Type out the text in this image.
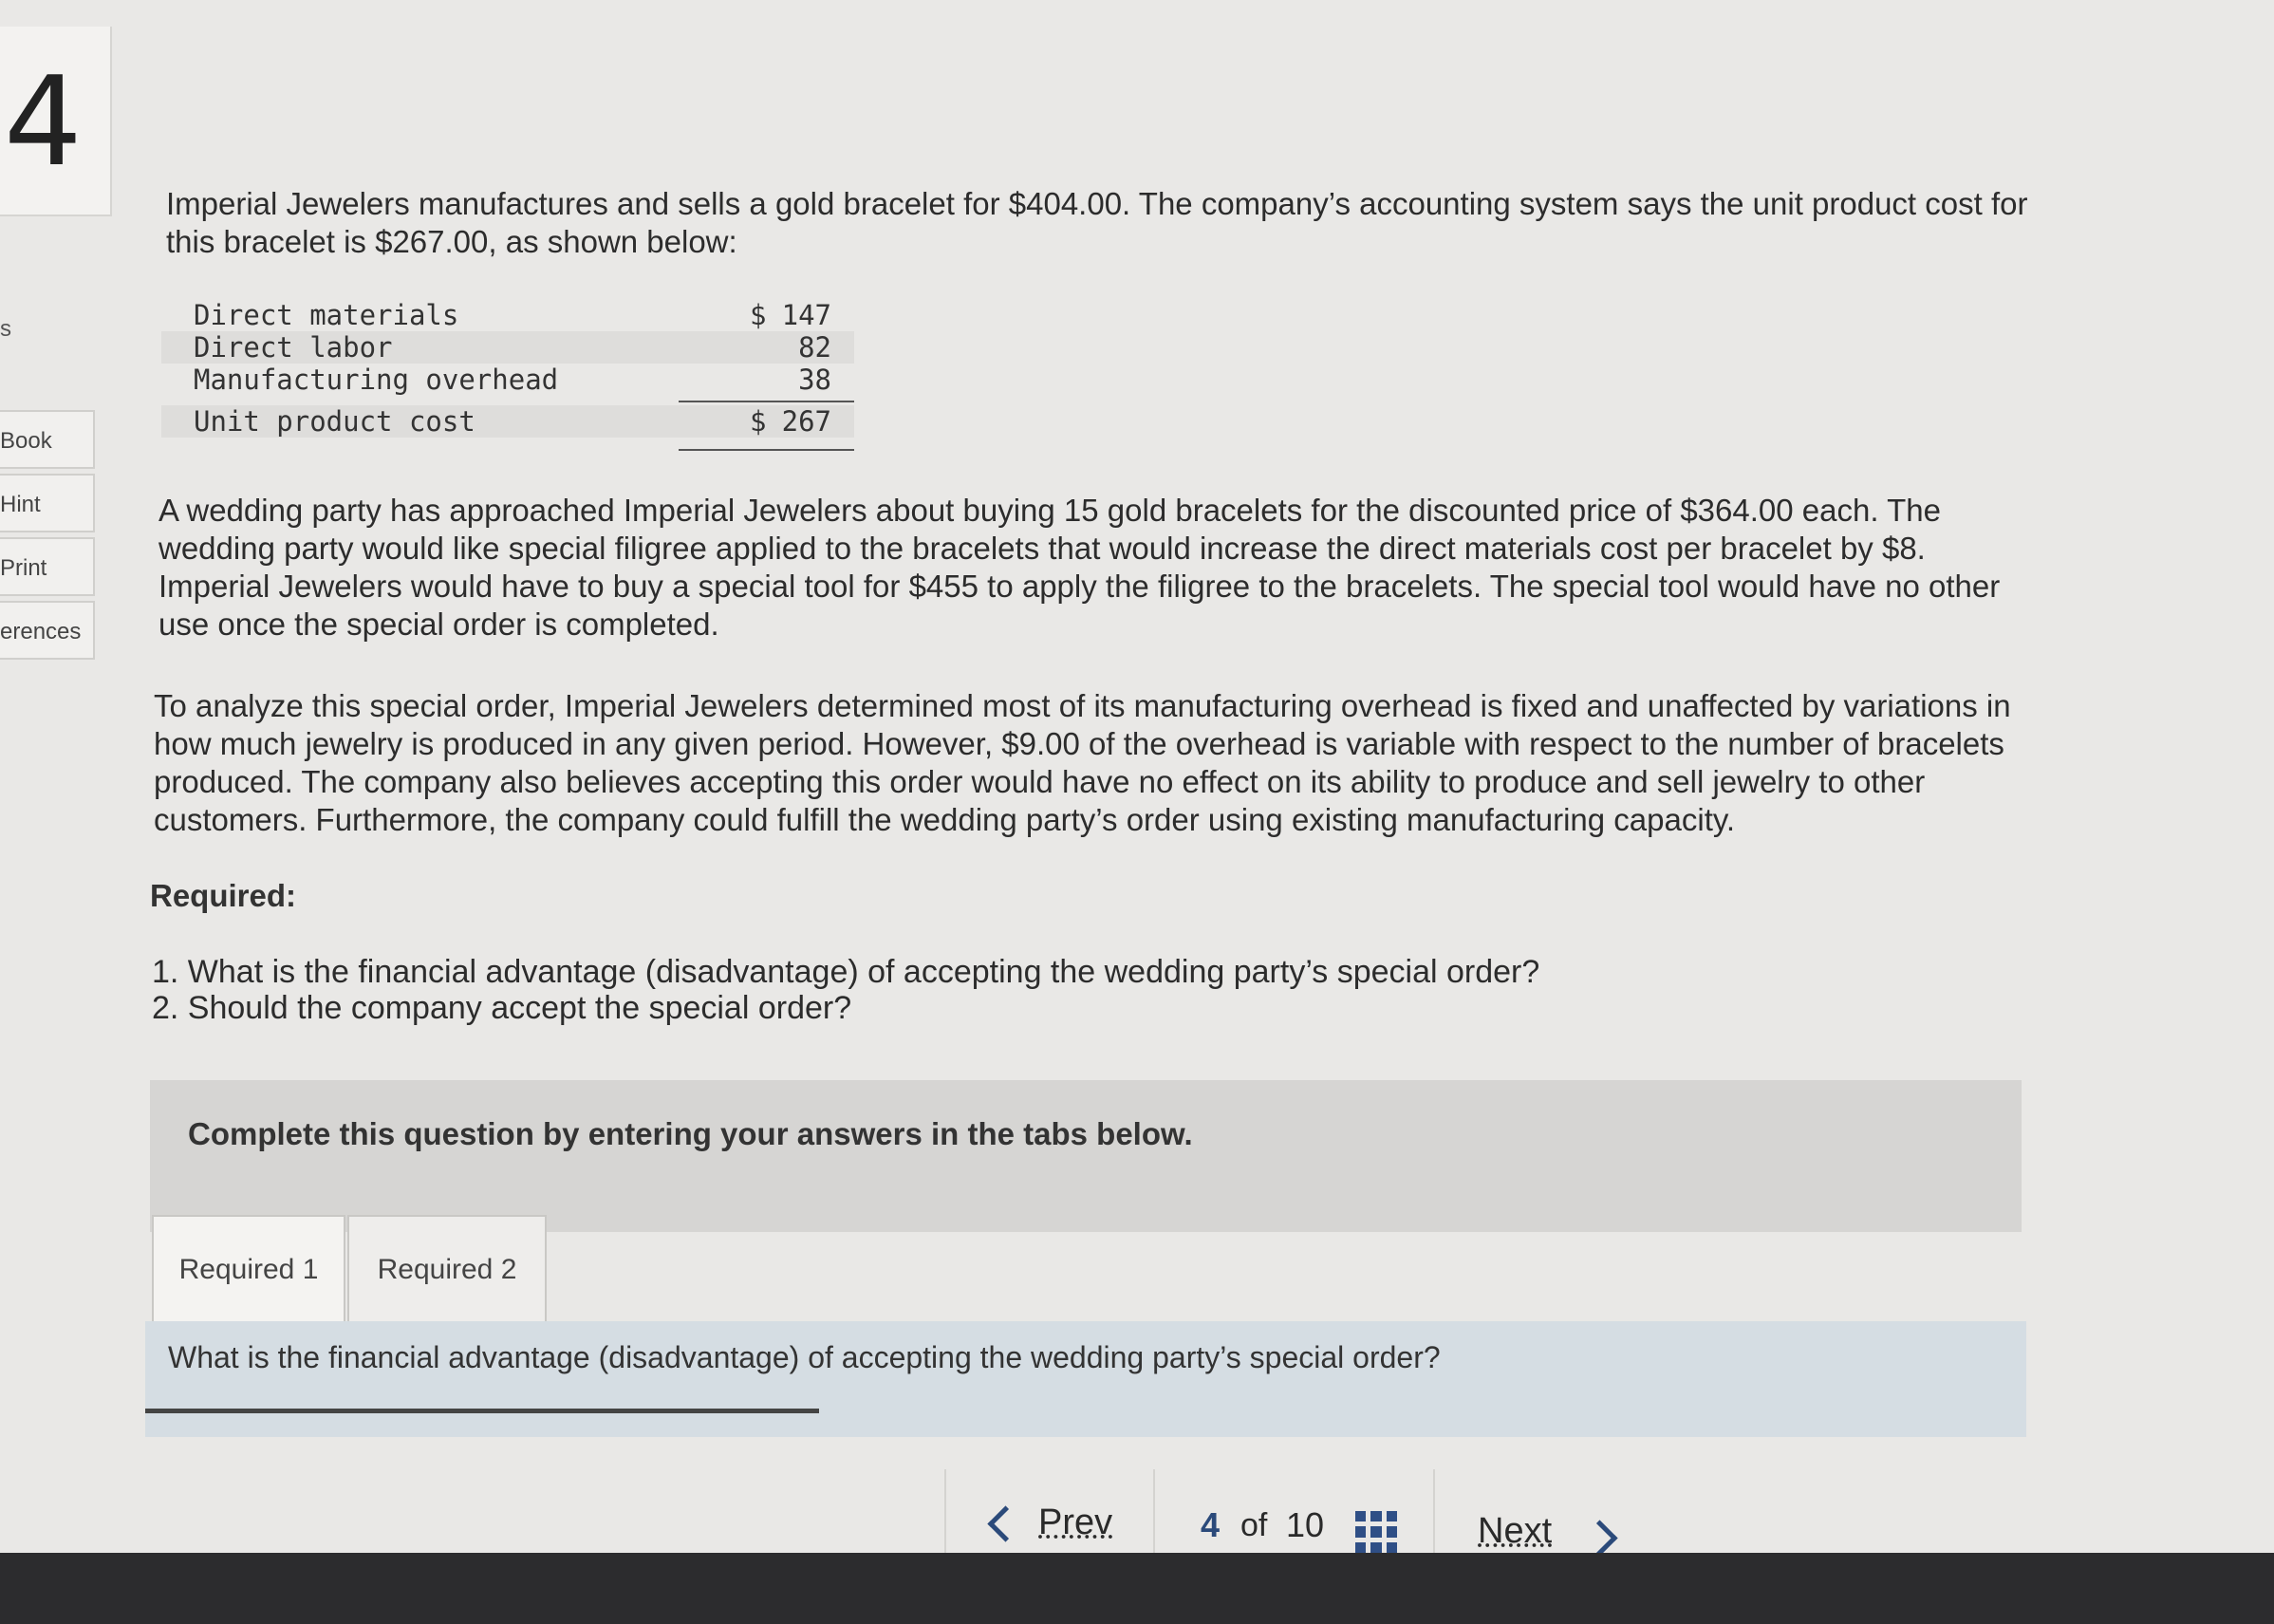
4
s
Book
Hint
Print
erences
Imperial Jewelers manufactures and sells a gold bracelet for $404.00. The company’s accounting system says the unit product cost for
this bracelet is $267.00, as shown below:
Direct materials	$ 147
Direct labor	82
Manufacturing overhead	38
Unit product cost	$ 267
A wedding party has approached Imperial Jewelers about buying 15 gold bracelets for the discounted price of $364.00 each. The
wedding party would like special filigree applied to the bracelets that would increase the direct materials cost per bracelet by $8.
Imperial Jewelers would have to buy a special tool for $455 to apply the filigree to the bracelets. The special tool would have no other
use once the special order is completed.
To analyze this special order, Imperial Jewelers determined most of its manufacturing overhead is fixed and unaffected by variations in
how much jewelry is produced in any given period. However, $9.00 of the overhead is variable with respect to the number of bracelets
produced. The company also believes accepting this order would have no effect on its ability to produce and sell jewelry to other
customers. Furthermore, the company could fulfill the wedding party’s order using existing manufacturing capacity.
Required:
1. What is the financial advantage (disadvantage) of accepting the wedding party’s special order?
2. Should the company accept the special order?
Complete this question by entering your answers in the tabs below.
Required 1	Required 2
What is the financial advantage (disadvantage) of accepting the wedding party’s special order?
Prev	4 of 10	Next
